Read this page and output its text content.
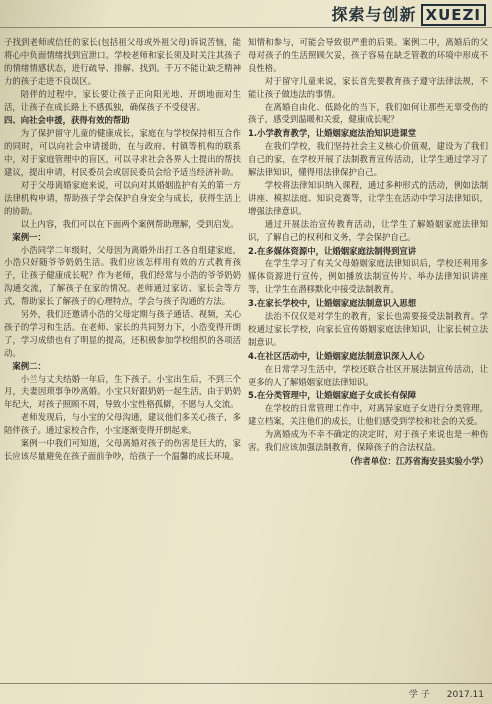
探索与创新 XUEZI

子找到老师或信任的家长(包括祖父母或外祖父母)诉说苦恼，能将心中负面情绪找到宣泄口。学校老师和家长须及时关注其孩子的情绪情感状态，进行疏导、排解、找到。千万不能让缺乏精神力的孩子走进不良误区。

陪伴的过程中，家长要让孩子正向阳光地、开朗地面对生活，让孩子在成长路上不感孤独，确保孩子不受侵害。

四、向社会申援，获得有效的帮助

为了保护留守儿童的健康成长，家庭在与学校保持相互合作的同时，可以向社会申请援助，在与政府、村镇等机构的联系中，对于家庭管理中的盲区，可以寻求社会各界人士提出的帮扶建议，提出申请，村民委员会或居民委员会给予适当经济补助。

对于父母离婚家庭来说，可以向对其婚姻监护有关的第一方法律机构申请，帮助孩子学会保护自身安全与成长，获得生活上的协助。

以上内容，我们可以在下面两个案例帮助理解，受到启发。

案例一：

小浩同学二年级时，父母因为离婚外出打工各自组建家庭，小浩只好随爷爷奶奶生活。我们应该怎样用有效的方式教育孩子，让孩子健康成长呢？作为老师，我们经常与小浩的爷爷奶奶沟通交流，了解孩子在家的情况。老师通过家访、家长会等方式，帮助家长了解孩子的心理特点，学会与孩子沟通的方法。

另外，我们还邀请小浩的父母定期与孩子通话、视频，关心孩子的学习和生活。在老师、家长的共同努力下，小浩变得开朗了，学习成绩也有了明显的提高，还积极参加学校组织的各项活动。

案例二：

小兰与丈夫结婚一年后，生下孩子。小宝出生后，不到三个月，夫妻因琐事争吵离婚。小宝只好跟奶奶一起生活，由于奶奶年纪大，对孩子照顾不周，导致小宝性格孤僻，不愿与人交流。

老师发现后，与小宝的父母沟通，建议他们多关心孩子，多陪伴孩子。通过家校合作，小宝逐渐变得开朗起来。

案例一中我们可知道，父母离婚对孩子的伤害是巨大的，家长应该尽量避免在孩子面前争吵，给孩子一个温馨的成长环境。

知情和参与，可能会导致很严重的后果。案例二中，离婚后的父母对孩子的生活照顾欠妥，孩子容易在缺乏管教的环境中形成不良性格。

对于留守儿童来说，家长首先要教育孩子遵守法律法规，不能让孩子做违法的事情。

在离婚自由化、低龄化的当下，我们如何让那些无辜受伤的孩子，感受到温暖和关爱，健康成长呢？

1.小学教育教学，让婚姻家庭法治知识进课堂

在我们学校，我们坚持社会主义核心价值观，建设为了我们自己的家，在学校开展了法制教育宣传活动，让学生通过学习了解法律知识，懂得用法律保护自己。

学校将法律知识纳入课程，通过多种形式的活动，例如法制讲座、模拟法庭、知识竞赛等，让学生在活动中学习法律知识，增强法律意识。

通过开展法治宣传教育活动，让学生了解婚姻家庭法律知识，了解自己的权利和义务，学会保护自己。

2.在多媒体资源中，让婚姻家庭法制得到宣讲

在学生学习了有关父母婚姻家庭法律知识后，学校还利用多媒体资源进行宣传，例如播放法制宣传片、举办法律知识讲座等，让学生在潜移默化中接受法制教育。

3.在家长学校中，让婚姻家庭法制意识入思想

法治不仅仅是对学生的教育，家长也需要接受法制教育。学校通过家长学校，向家长宣传婚姻家庭法律知识，让家长树立法制意识。

4.在社区活动中，让婚姻家庭法制意识深入人心

在日常学习生活中，学校还联合社区开展法制宣传活动，让更多的人了解婚姻家庭法律知识。

5.在分类管理中，让婚姻家庭子女成长有保障

在学校的日常管理工作中，对离异家庭子女进行分类管理，建立档案，关注他们的成长，让他们感受到学校和社会的关爱。

为离婚成为不幸不确定的决定时，对于孩子来说也是一种伤害。我们应该加强法制教育，保障孩子的合法权益。

（作者单位：江苏省海安县实验小学）

学子 2017.11
